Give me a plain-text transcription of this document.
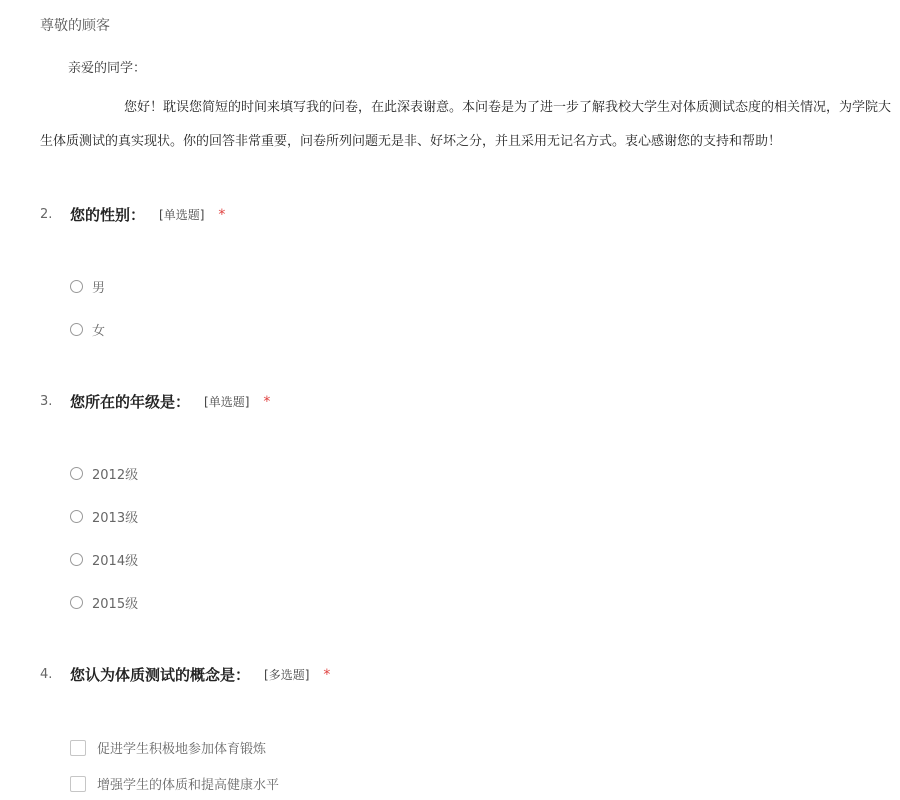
尊敬的顾客
亲爱的同学：
您好！耽误您简短的时间来填写我的问卷，在此深表谢意。本问卷是为了进一步了解我校大学生对体质测试态度的相关情况，为学院大生体质测试的真实现状。你的回答非常重要，问卷所列问题无是非、好坏之分，并且采用无记名方式。衷心感谢您的支持和帮助！
2.	您的性别： [单选题] *
男
女
3.	您所在的年级是： [单选题] *
2012级
2013级
2014级
2015级
4.	您认为体质测试的概念是： [多选题] *
促进学生积极地参加体育锻炼
增强学生的体质和提高健康水平
